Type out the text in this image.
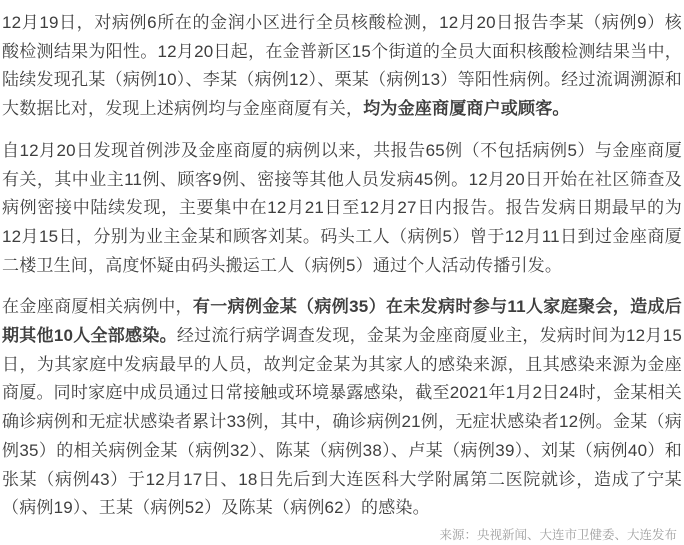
12月19日，对病例6所在的金润小区进行全员核酸检测，12月20日报告李某（病例9）核酸检测结果为阳性。12月20日起，在金普新区15个街道的全员大面积核酸检测结果当中，陆续发现孔某（病例10）、李某（病例12）、栗某（病例13）等阳性病例。经过流调溯源和大数据比对，发现上述病例均与金座商厦有关，均为金座商厦商户或顾客。

自12月20日发现首例涉及金座商厦的病例以来，共报告65例（不包括病例5）与金座商厦有关，其中业主11例、顾客9例、密接等其他人员发病45例。12月20日开始在社区筛查及病例密接中陆续发现，主要集中在12月21日至12月27日内报告。报告发病日期最早的为12月15日，分别为业主金某和顾客刘某。码头工人（病例5）曾于12月11日到过金座商厦二楼卫生间，高度怀疑由码头搬运工人（病例5）通过个人活动传播引发。

在金座商厦相关病例中，有一病例金某（病例35）在未发病时参与11人家庭聚会，造成后期其他10人全部感染。经过流行病学调查发现，金某为金座商厦业主，发病时间为12月15日，为其家庭中发病最早的人员，故判定金某为其家人的感染来源，且其感染来源为金座商厦。同时家庭中成员通过日常接触或环境暴露感染，截至2021年1月2日24时，金某相关确诊病例和无症状感染者累计33例，其中，确诊病例21例，无症状感染者12例。金某（病例35）的相关病例金某（病例32）、陈某（病例38）、卢某（病例39）、刘某（病例40）和张某（病例43）于12月17日、18日先后到大连医科大学附属第二医院就诊，造成了宁某（病例19）、王某（病例52）及陈某（病例62）的感染。

来源：央视新闻、大连市卫健委、大连发布
